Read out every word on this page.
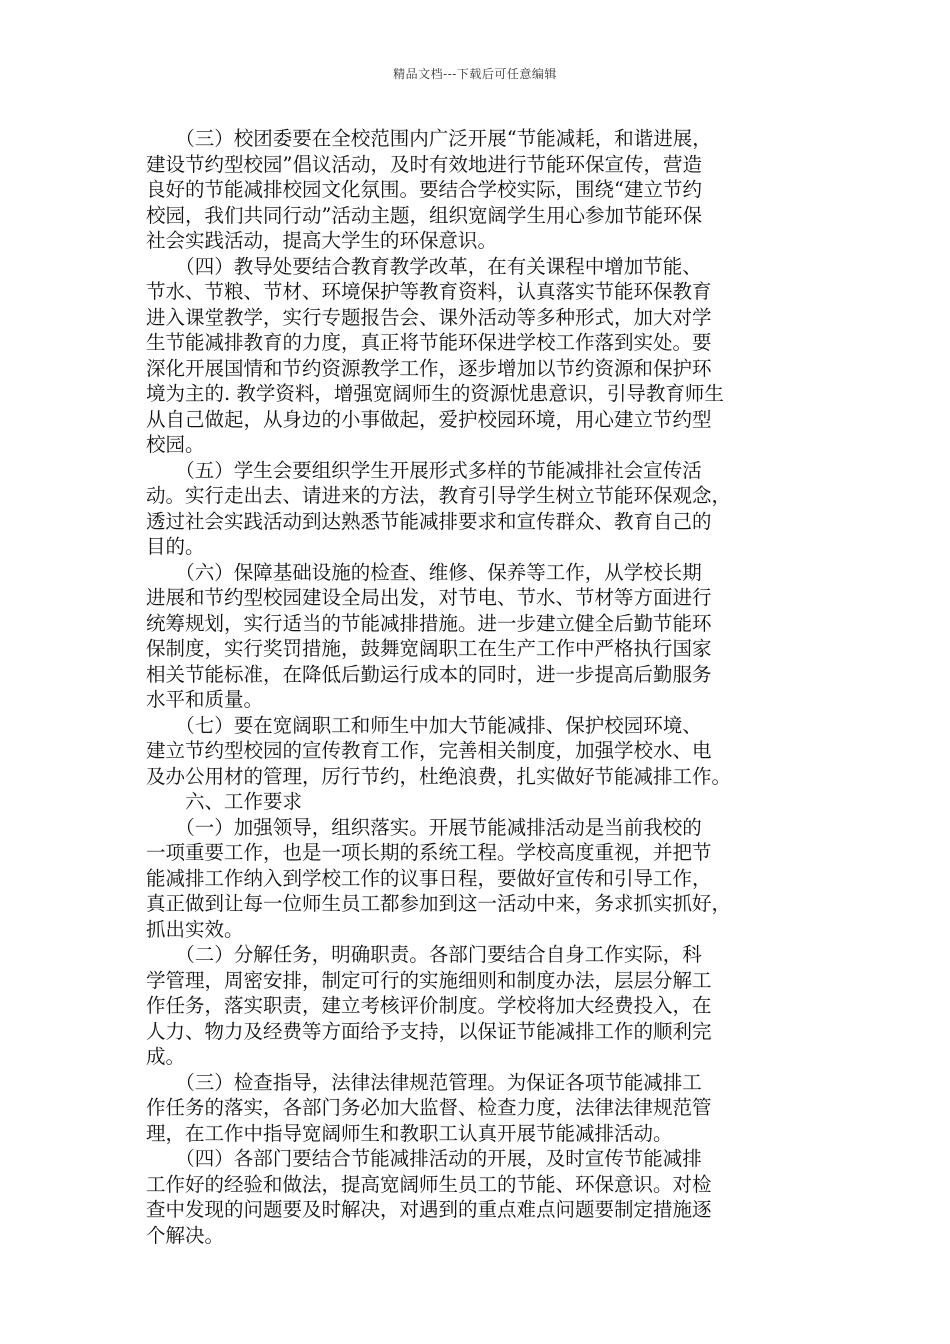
精品文档---下载后可任意编辑
　　（三）校团委要在全校范围内广泛开展“节能减耗，和谐进展，
建设节约型校园”倡议活动，及时有效地进行节能环保宣传，营造
良好的节能减排校园文化氛围。要结合学校实际，围绕“建立节约
校园，我们共同行动”活动主题，组织宽阔学生用心参加节能环保
社会实践活动，提高大学生的环保意识。
　　（四）教导处要结合教育教学改革，在有关课程中增加节能、
节水、节粮、节材、环境保护等教育资料，认真落实节能环保教育
进入课堂教学，实行专题报告会、课外活动等多种形式，加大对学
生节能减排教育的力度，真正将节能环保进学校工作落到实处。要
深化开展国情和节约资源教学工作，逐步增加以节约资源和保护环
境为主的. 教学资料，增强宽阔师生的资源忧患意识，引导教育师生
从自己做起，从身边的小事做起，爱护校园环境，用心建立节约型
校园。
　　（五）学生会要组织学生开展形式多样的节能减排社会宣传活
动。实行走出去、请进来的方法，教育引导学生树立节能环保观念，
透过社会实践活动到达熟悉节能减排要求和宣传群众、教育自己的
目的。
　　（六）保障基础设施的检查、维修、保养等工作，从学校长期
进展和节约型校园建设全局出发，对节电、节水、节材等方面进行
统筹规划，实行适当的节能减排措施。进一步建立健全后勤节能环
保制度，实行奖罚措施，鼓舞宽阔职工在生产工作中严格执行国家
相关节能标准，在降低后勤运行成本的同时，进一步提高后勤服务
水平和质量。
　　（七）要在宽阔职工和师生中加大节能减排、保护校园环境、
建立节约型校园的宣传教育工作，完善相关制度，加强学校水、电
及办公用材的管理，厉行节约，杜绝浪费，扎实做好节能减排工作。
　　六、工作要求
　　（一）加强领导，组织落实。开展节能减排活动是当前我校的
一项重要工作，也是一项长期的系统工程。学校高度重视，并把节
能减排工作纳入到学校工作的议事日程，要做好宣传和引导工作，
真正做到让每一位师生员工都参加到这一活动中来，务求抓实抓好，
抓出实效。
　　（二）分解任务，明确职责。各部门要结合自身工作实际，科
学管理，周密安排，制定可行的实施细则和制度办法，层层分解工
作任务，落实职责，建立考核评价制度。学校将加大经费投入，在
人力、物力及经费等方面给予支持，以保证节能减排工作的顺利完
成。
　　（三）检查指导，法律法律规范管理。为保证各项节能减排工
作任务的落实，各部门务必加大监督、检查力度，法律法律规范管
理，在工作中指导宽阔师生和教职工认真开展节能减排活动。
　　（四）各部门要结合节能减排活动的开展，及时宣传节能减排
工作好的经验和做法，提高宽阔师生员工的节能、环保意识。对检
查中发现的问题要及时解决，对遇到的重点难点问题要制定措施逐
个解决。
